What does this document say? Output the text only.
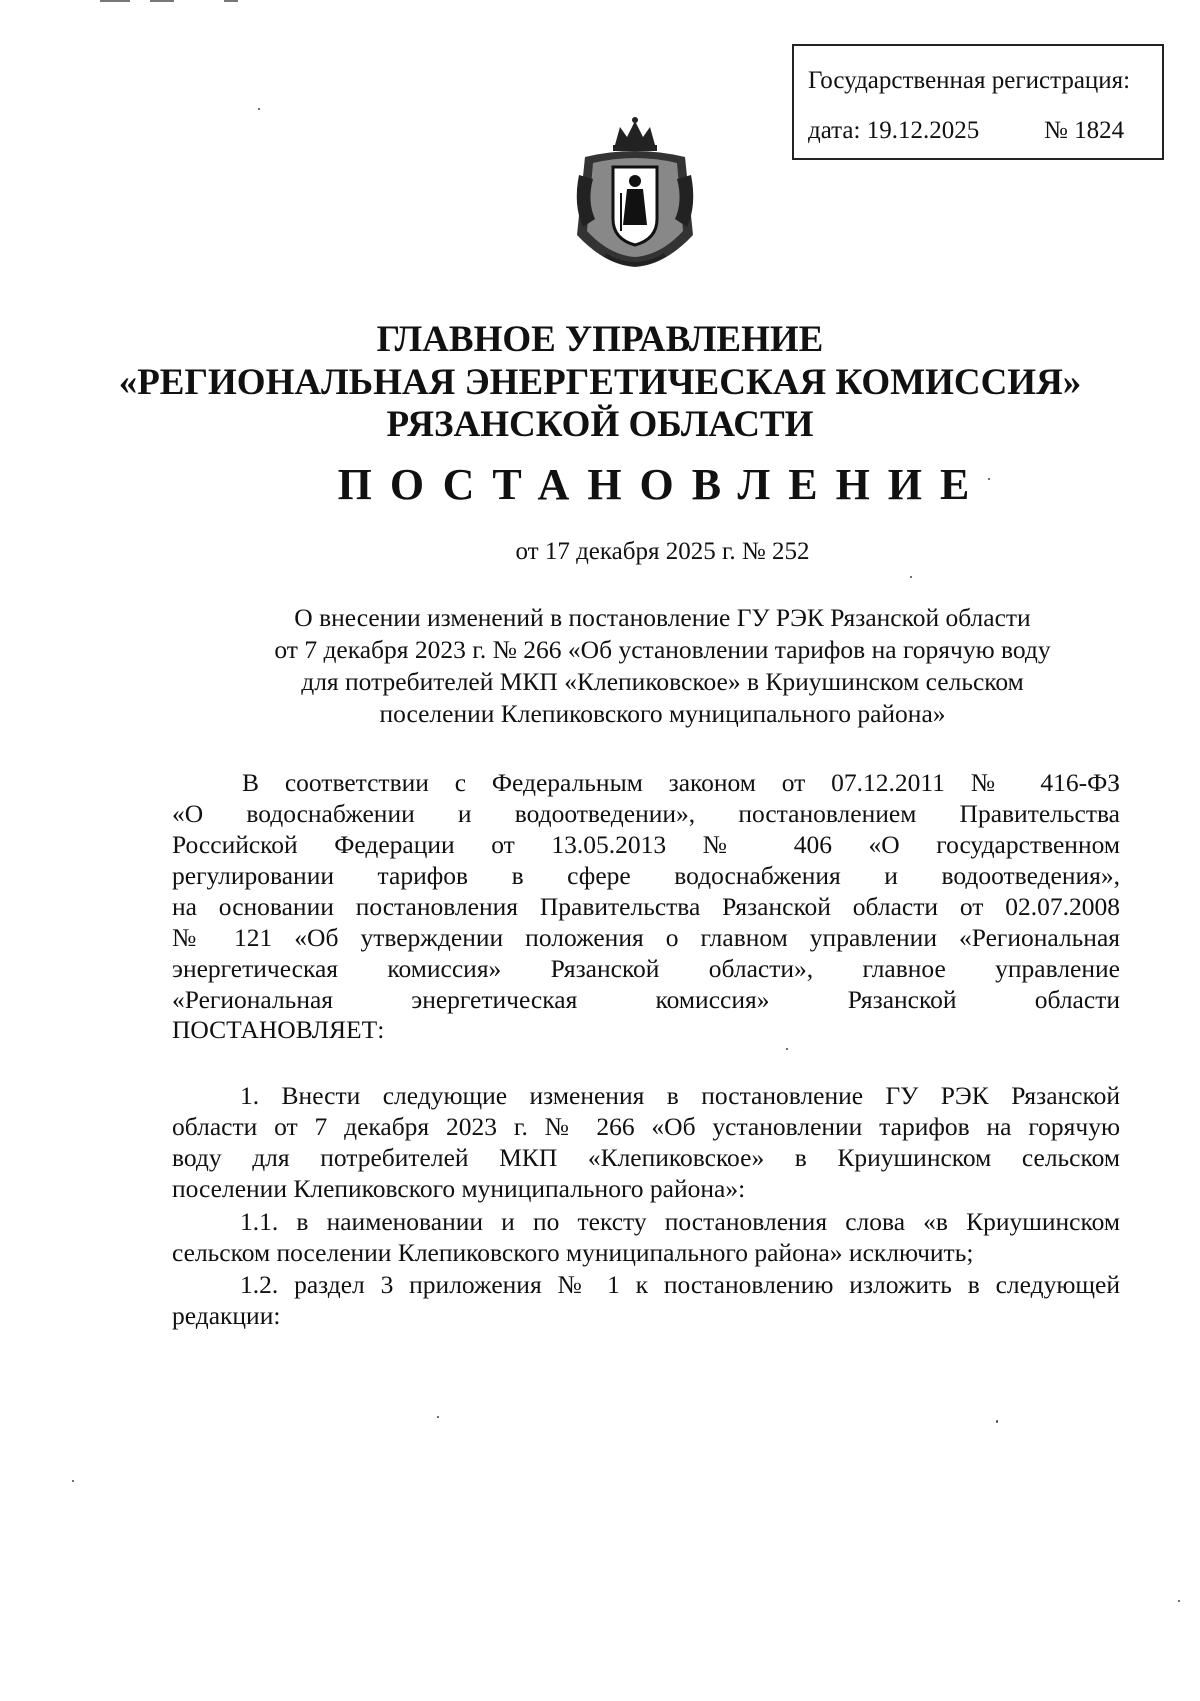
Государственная регистрация:
дата: 19.12.2025	№ 1824
ГЛАВНОЕ УПРАВЛЕНИЕ
«РЕГИОНАЛЬНАЯ ЭНЕРГЕТИЧЕСКАЯ КОМИССИЯ»
РЯЗАНСКОЙ ОБЛАСТИ
ПОСТАНОВЛЕНИЕ
от 17 декабря 2025 г. № 252
О внесении изменений в постановление ГУ РЭК Рязанской области
от 7 декабря 2023 г. № 266 «Об установлении тарифов на горячую воду
для потребителей МКП «Клепиковское» в Криушинском сельском
поселении Клепиковского муниципального района»
В соответствии с Федеральным законом от 07.12.2011 № 416-ФЗ
«О водоснабжении и водоотведении», постановлением Правительства
Российской Федерации от 13.05.2013 № 406 «О государственном
регулировании тарифов в сфере водоснабжения и водоотведения»,
на основании постановления Правительства Рязанской области от 02.07.2008
№ 121 «Об утверждении положения о главном управлении «Региональная
энергетическая комиссия» Рязанской области», главное управление
«Региональная энергетическая комиссия» Рязанской области
ПОСТАНОВЛЯЕТ:
1. Внести следующие изменения в постановление ГУ РЭК Рязанской
области от 7 декабря 2023 г. № 266 «Об установлении тарифов на горячую
воду для потребителей МКП «Клепиковское» в Криушинском сельском
поселении Клепиковского муниципального района»:
1.1. в наименовании и по тексту постановления слова «в Криушинском
сельском поселении Клепиковского муниципального района» исключить;
1.2. раздел 3 приложения № 1 к постановлению изложить в следующей
редакции:
